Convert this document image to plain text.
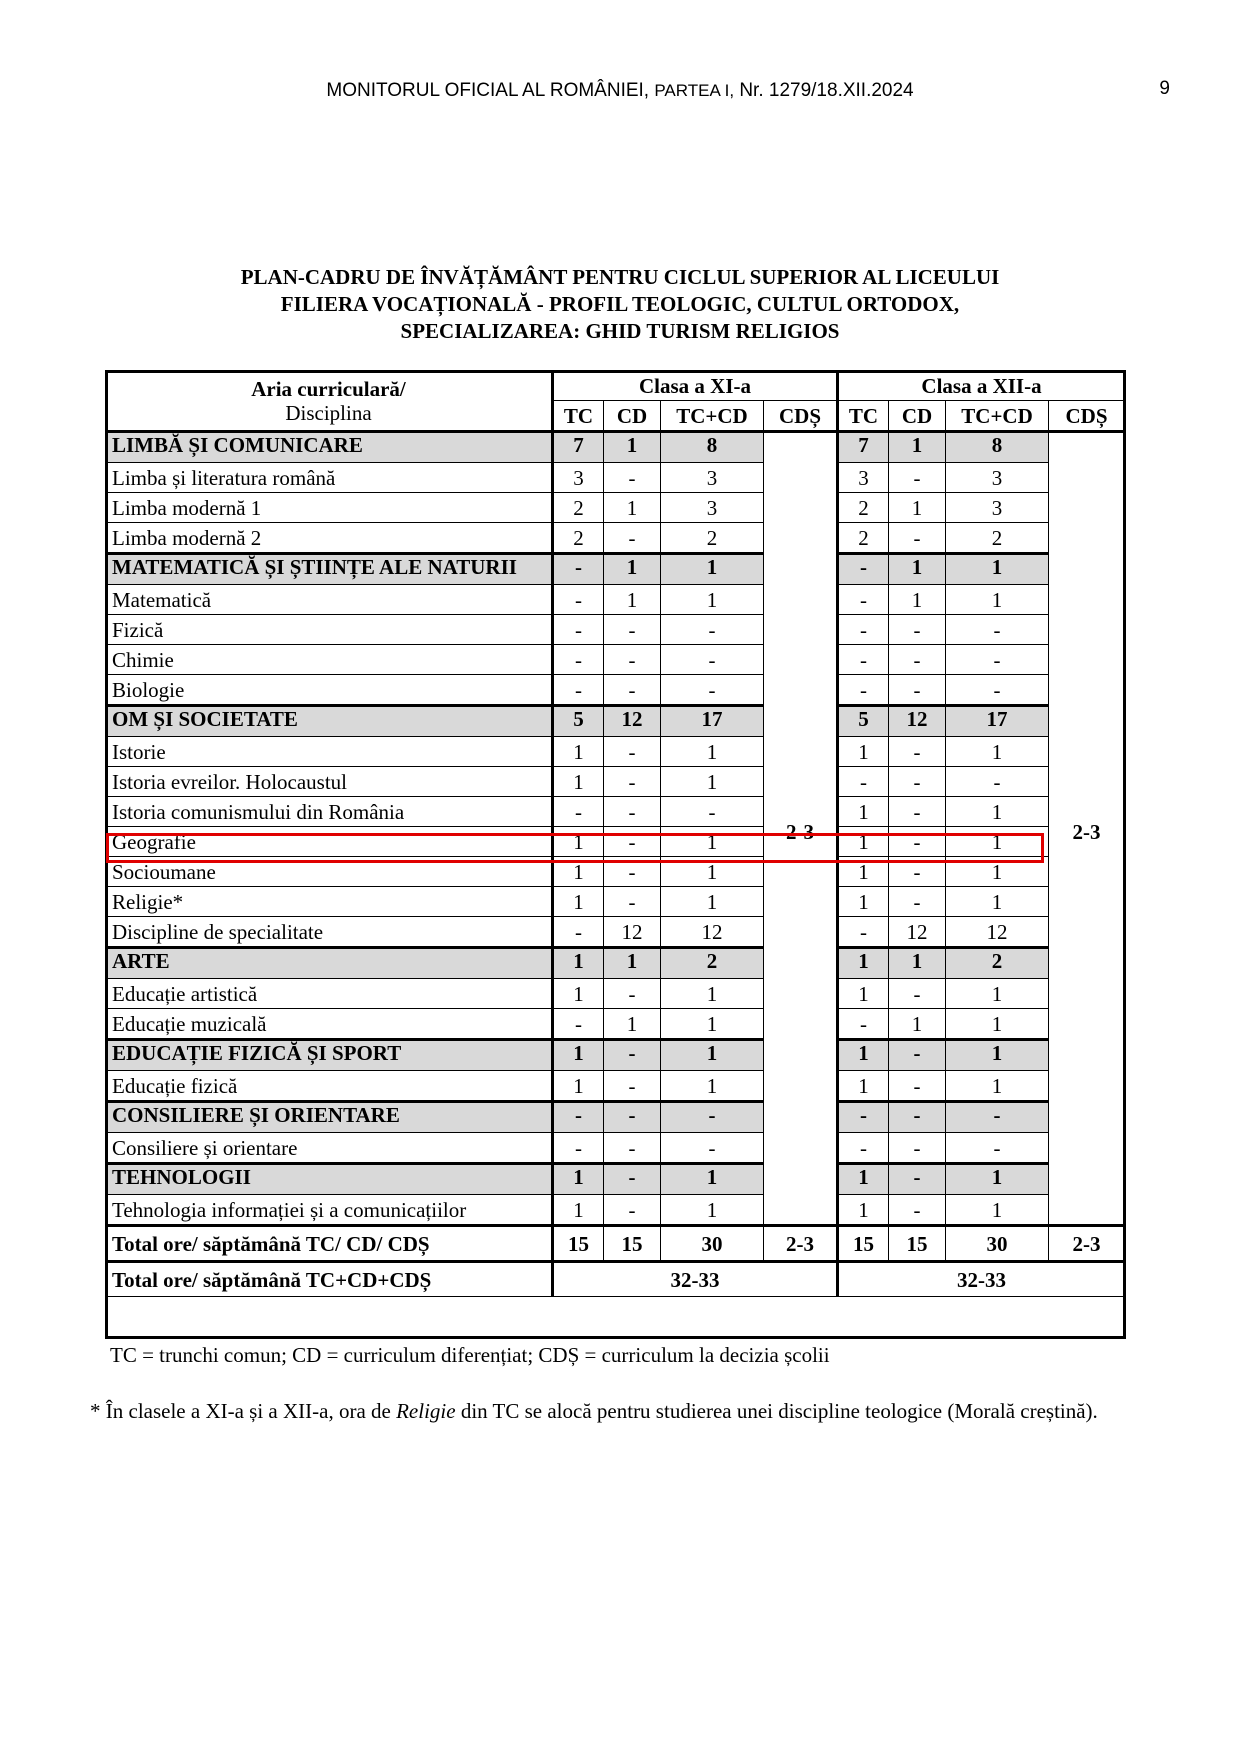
MONITORUL OFICIAL AL ROMÂNIEI, PARTEA I, Nr. 1279/18.XII.2024	9
PLAN-CADRU DE ÎNVĂȚĂMÂNT PENTRU CICLUL SUPERIOR AL LICEULUI
FILIERA VOCAȚIONALĂ - PROFIL TEOLOGIC, CULTUL ORTODOX,
SPECIALIZAREA: GHID TURISM RELIGIOS
Aria curriculară/
Disciplina	Clasa a XI-a				Clasa a XII-a			
	TC	CD	TC+CD	CDȘ	TC	CD	TC+CD	CDȘ
LIMBĂ ȘI COMUNICARE	7	1	8	2-3	7	1	8	2-3
Limba și literatura română	3	-	3		3	-	3	
Limba modernă 1	2	1	3		2	1	3	
Limba modernă 2	2	-	2		2	-	2	
MATEMATICĂ ȘI ȘTIINȚE ALE NATURII	-	1	1		-	1	1	
Matematică	-	1	1		-	1	1	
Fizică	-	-	-		-	-	-	
Chimie	-	-	-		-	-	-	
Biologie	-	-	-		-	-	-	
OM ȘI SOCIETATE	5	12	17		5	12	17	
Istorie	1	-	1		1	-	1	
Istoria evreilor. Holocaustul	1	-	1		-	-	-	
Istoria comunismului din România	-	-	-		1	-	1	
Geografie	1	-	1		1	-	1	
Socioumane	1	-	1		1	-	1	
Religie*	1	-	1		1	-	1	
Discipline de specialitate	-	12	12		-	12	12	
ARTE	1	1	2		1	1	2	
Educație artistică	1	-	1		1	-	1	
Educație muzicală	-	1	1		-	1	1	
EDUCAȚIE FIZICĂ ȘI SPORT	1	-	1		1	-	1	
Educație fizică	1	-	1		1	-	1	
CONSILIERE ȘI ORIENTARE	-	-	-		-	-	-	
Consiliere și orientare	-	-	-		-	-	-	
TEHNOLOGII	1	-	1		1	-	1	
Tehnologia informației și a comunicațiilor	1	-	1		1	-	1	
Total ore/ săptămână TC/ CD/ CDȘ	15	15	30	2-3	15	15	30	2-3
Total ore/ săptămână TC+CD+CDȘ	32-33				32-33			
TC = trunchi comun; CD = curriculum diferențiat; CDȘ = curriculum la decizia școlii
* În clasele a XI-a și a XII-a, ora de Religie din TC se alocă pentru studierea unei discipline teologice (Morală creștină).
